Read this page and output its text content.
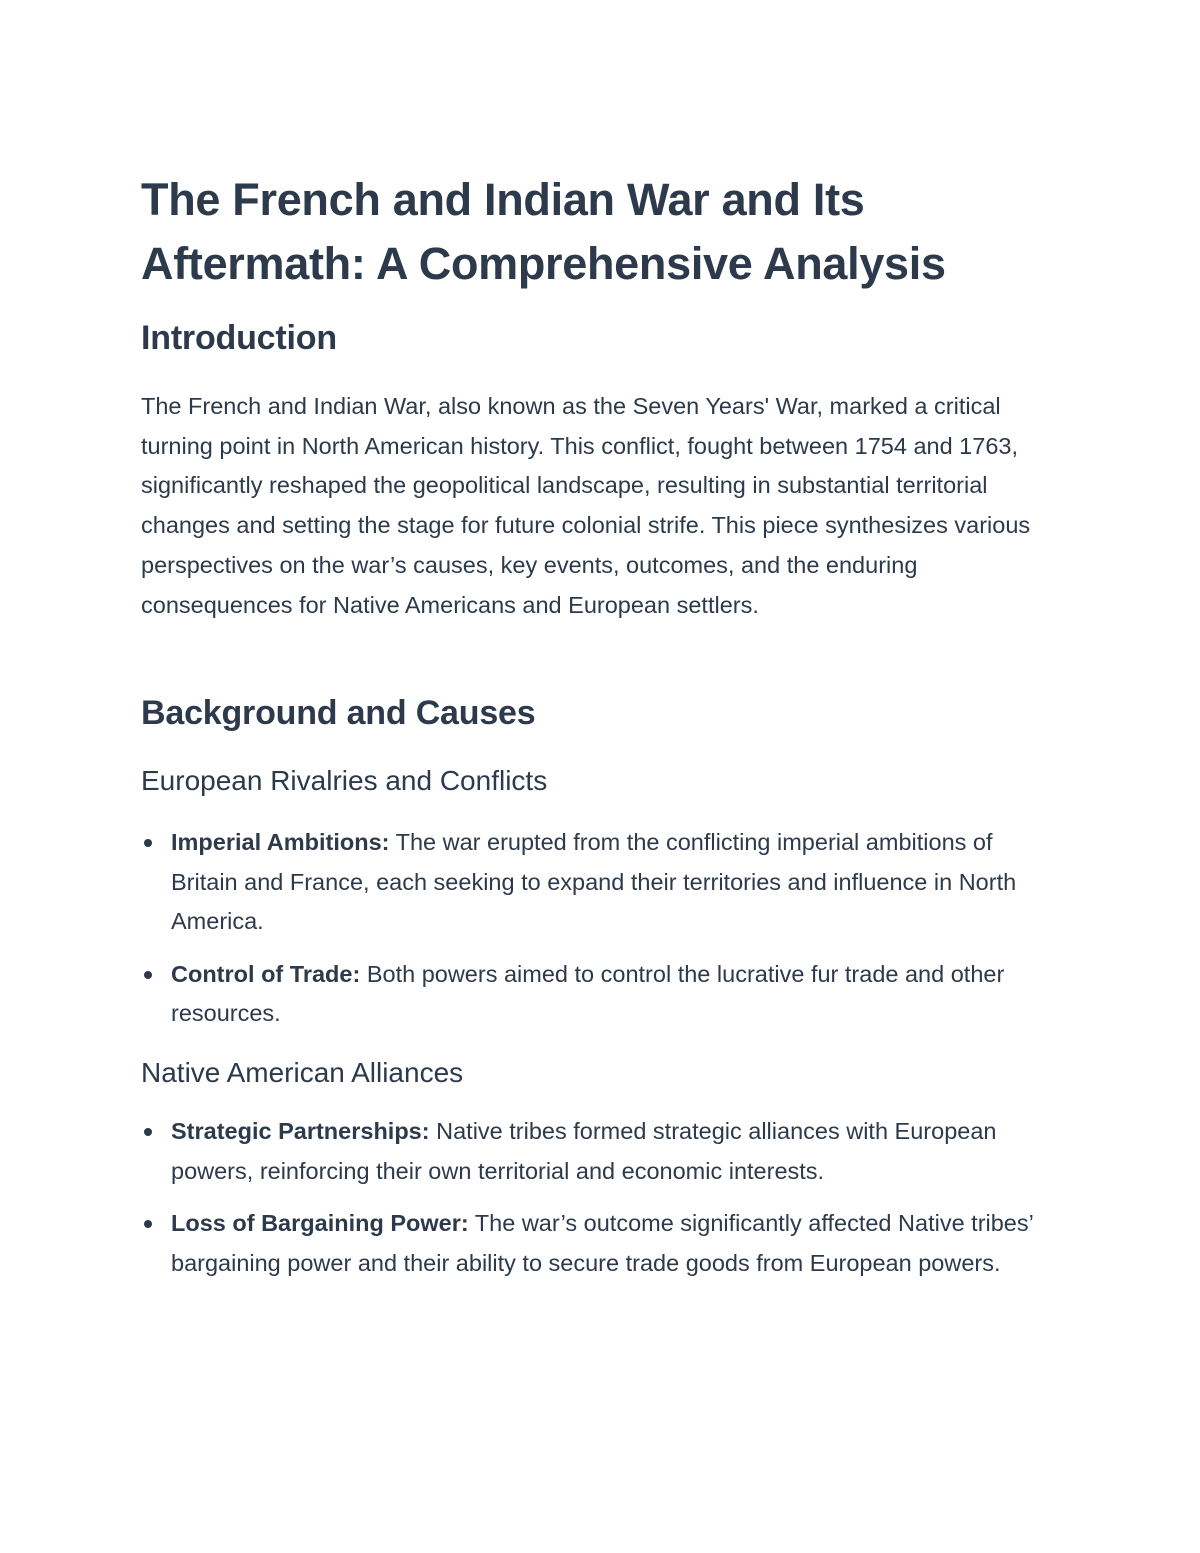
The French and Indian War and Its Aftermath: A Comprehensive Analysis
Introduction

The French and Indian War, also known as the Seven Years' War, marked a critical turning point in North American history. This conflict, fought between 1754 and 1763, significantly reshaped the geopolitical landscape, resulting in substantial territorial changes and setting the stage for future colonial strife. This piece synthesizes various perspectives on the war’s causes, key events, outcomes, and the enduring consequences for Native Americans and European settlers.

Background and Causes
European Rivalries and Conflicts
Imperial Ambitions: The war erupted from the conflicting imperial ambitions of Britain and France, each seeking to expand their territories and influence in North America.
Control of Trade: Both powers aimed to control the lucrative fur trade and other resources.
Native American Alliances
Strategic Partnerships: Native tribes formed strategic alliances with European powers, reinforcing their own territorial and economic interests.
Loss of Bargaining Power: The war’s outcome significantly affected Native tribes’ bargaining power and their ability to secure trade goods from European powers.
